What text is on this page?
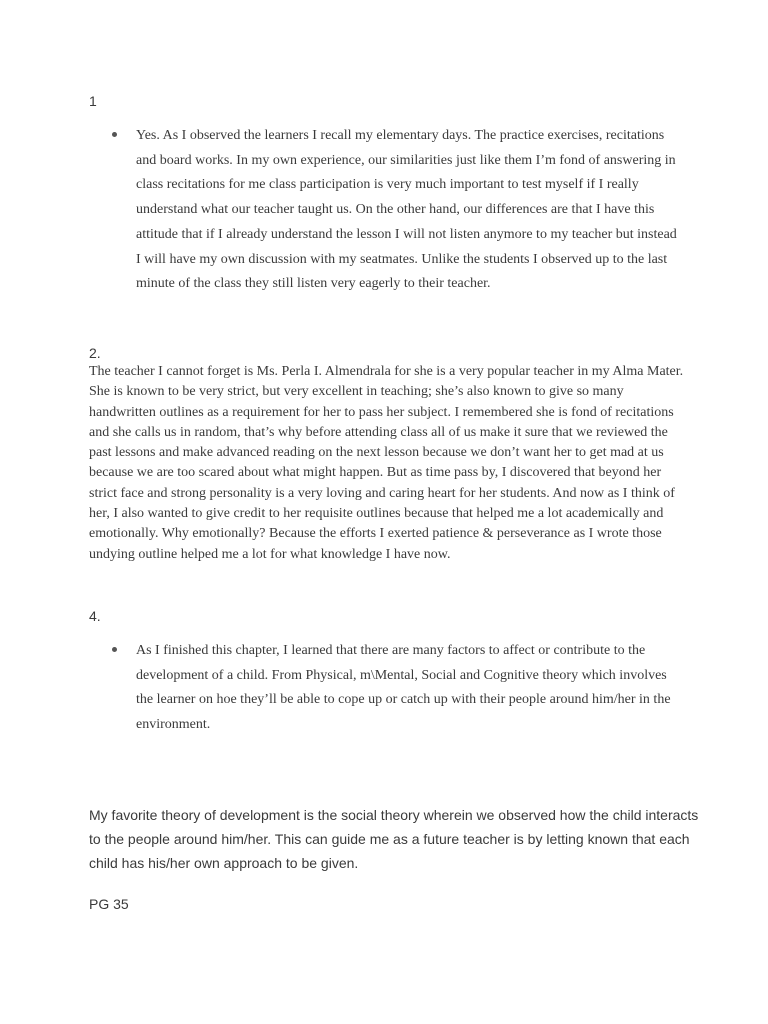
1
Yes. As I observed the learners I recall my elementary days. The practice exercises, recitations and board works. In my own experience, our similarities just like them I’m fond of answering in class recitations for me class participation is very much important to test myself if I really understand what our teacher taught us. On the other hand, our differences are that I have this attitude that if I already understand the lesson I will not listen anymore to my teacher but instead I will have my own discussion with my seatmates. Unlike the students I observed up to the last minute of the class they still listen very eagerly to their teacher.
2.
The teacher I cannot forget is Ms. Perla I. Almendrala for she is a very popular teacher in my Alma Mater. She is known to be very strict, but very excellent in teaching; she’s also known to give so many handwritten outlines as a requirement for her to pass her subject. I remembered she is fond of recitations and she calls us in random, that’s why before attending class all of us make it sure that we reviewed the past lessons and make advanced reading on the next lesson because we don’t want her to get mad at us because we are too scared about what might happen. But as time pass by, I discovered that beyond her strict face and strong personality is a very loving and caring heart for her students. And now as I think of her, I also wanted to give credit to her requisite outlines because that helped me a lot academically and emotionally. Why emotionally? Because the efforts I exerted patience & perseverance as I wrote those undying outline helped me a lot for what knowledge I have now.
4.
As I finished this chapter, I learned that there are many factors to affect or contribute to the development of a child. From Physical, m\Mental, Social and Cognitive theory which involves the learner on hoe they’ll be able to cope up or catch up with their people around him/her in the environment.
My favorite theory of development is the social theory wherein we observed how the child interacts to the people around him/her. This can guide me as a future teacher is by letting known that each child has his/her own approach to be given.
PG 35
